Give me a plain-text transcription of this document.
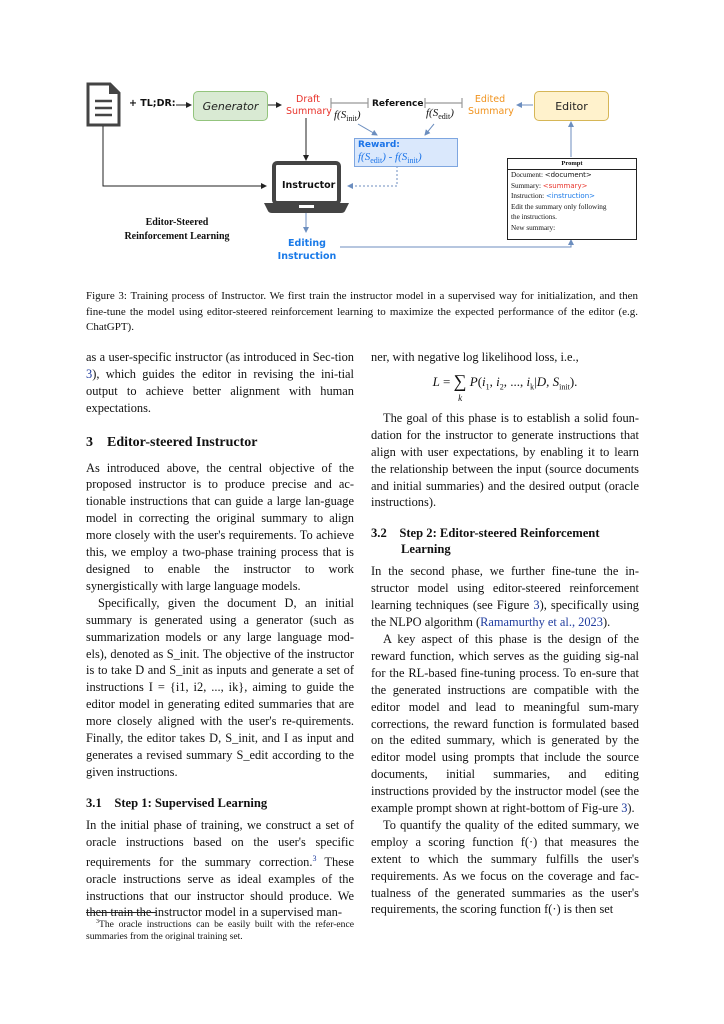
+ TL;DR:	Generator	Draft
Summary
Reference
$f(S_{init})$	$f(S_{edit})$
Edited
Summary	Editor
Reward:
$f(S_{edit}) - f(S_{init})$
Instructor
Editor-Steered
Reinforcement Learning
Editing
Instruction
Prompt
Document: <document>
Summary: <summary>
Instruction: <instruction>
Edit the summary only following
the instructions.
New summary:
Figure 3: Training process of Instructor. We first train the instructor model in a supervised way for initialization, and then fine-tune the model using editor-steered reinforcement learning to maximize the expected performance of the editor (e.g. ChatGPT).

as a user-specific instructor (as introduced in Sec-tion 3), which guides the editor in revising the ini-tial output to achieve better alignment with human expectations.

3 Editor-steered Instructor

As introduced above, the central objective of the proposed instructor is to produce precise and ac-tionable instructions that can guide a large lan-guage model in correcting the original summary to align more closely with the user's requirements. To achieve this, we employ a two-phase training process that is designed to enable the instructor to work synergistically with large language models.

Specifically, given the document D, an initial summary is generated using a generator (such as summarization models or any large language mod-els), denoted as S_init. The objective of the instructor is to take D and S_init as inputs and generate a set of instructions I = {i1, i2, ..., ik}, aiming to guide the editor model in generating edited summaries that are more closely aligned with the user's re-quirements. Finally, the editor takes D, S_init, and I as input and generates a revised summary S_edit according to the given instructions.

3.1 Step 1: Supervised Learning

In the initial phase of training, we construct a set of oracle instructions based on the user's specific requirements for the summary correction.$^3$ These oracle instructions serve as ideal examples of the instructions that our instructor should produce. We then train the instructor model in a supervised man-

$^3$The oracle instructions can be easily built with the refer-ence summaries from the original training set.

ner, with negative log likelihood loss, i.e.,

L = ∑
k $P(i_1$, $i_2$, ..., $i_k|D$, $S_{init}$).

The goal of this phase is to establish a solid foun-dation for the instructor to generate instructions that align with user expectations, by enabling it to learn the relationship between the input (source documents and initial summaries) and the desired output (oracle instructions).

3.2 Step 2: Editor-steered Reinforcement
Learning

In the second phase, we further fine-tune the in-structor model using editor-steered reinforcement learning techniques (see Figure 3), specifically using the NLPO algorithm (Ramamurthy et al., 2023).

A key aspect of this phase is the design of the reward function, which serves as the guiding sig-nal for the RL-based fine-tuning process. To en-sure that the generated instructions are compatible with the editor model and lead to meaningful sum-mary corrections, the reward function is formulated based on the edited summary, which is generated by the editor model using prompts that include the source documents, initial summaries, and editing instructions provided by the instructor model (see the example prompt shown at right-bottom of Fig-ure 3).

To quantify the quality of the edited summary, we employ a scoring function f(·) that measures the extent to which the summary fulfills the user's requirements. As we focus on the coverage and fac-tualness of the generated summaries as the user's requirements, the scoring function f(·) is then set
